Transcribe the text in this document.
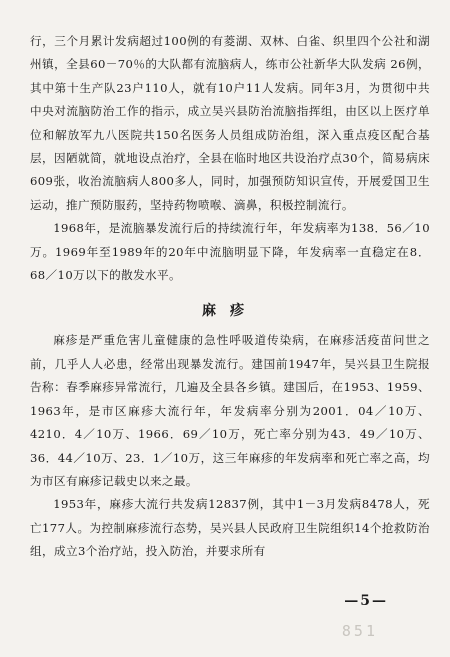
行，三个月累计发病超过100例的有菱湖、双林、白雀、织里四个公社和湖州镇，全县60－70％的大队都有流脑病人，练市公社新华大队发病 26例，其中第十生产队23户110人，就有10户11人发病。同年3月，为贯彻中共中央对流脑防治工作的指示，成立吴兴县防治流脑指挥组，由区以上医疗单位和解放军九八医院共150名医务人员组成防治组，深入重点疫区配合基层，因陋就简，就地设点治疗，全县在临时地区共设治疗点30个，简易病床609张，收治流脑病人800多人，同时，加强预防知识宣传，开展爱国卫生运动，推广预防服药，坚持药物喷喉、滴鼻，积极控制流行。

1968年，是流脑暴发流行后的持续流行年，年发病率为138．56／10万。1969年至1989年的20年中流脑明显下降，年发病率一直稳定在8．68／10万以下的散发水平。

麻疹

麻疹是严重危害儿童健康的急性呼吸道传染病，在麻疹活疫苗问世之前，几乎人人必患，经常出现暴发流行。建国前1947年，吴兴县卫生院报告称：春季麻疹异常流行，几遍及全县各乡镇。建国后，在1953、1959、1963年，是市区麻疹大流行年，年发病率分别为2001．04／10万、4210．4／10万、1966．69／10万，死亡率分别为43．49／10万、36．44／10万、23．1／10万，这三年麻疹的年发病率和死亡率之高，均为市区有麻疹记载史以来之最。

1953年，麻疹大流行共发病12837例，其中1－3月发病8478人，死亡177人。为控制麻疹流行态势，吴兴县人民政府卫生院组织14个抢救防治组，成立3个治疗站，投入防治，并要求所有

—5—
851
